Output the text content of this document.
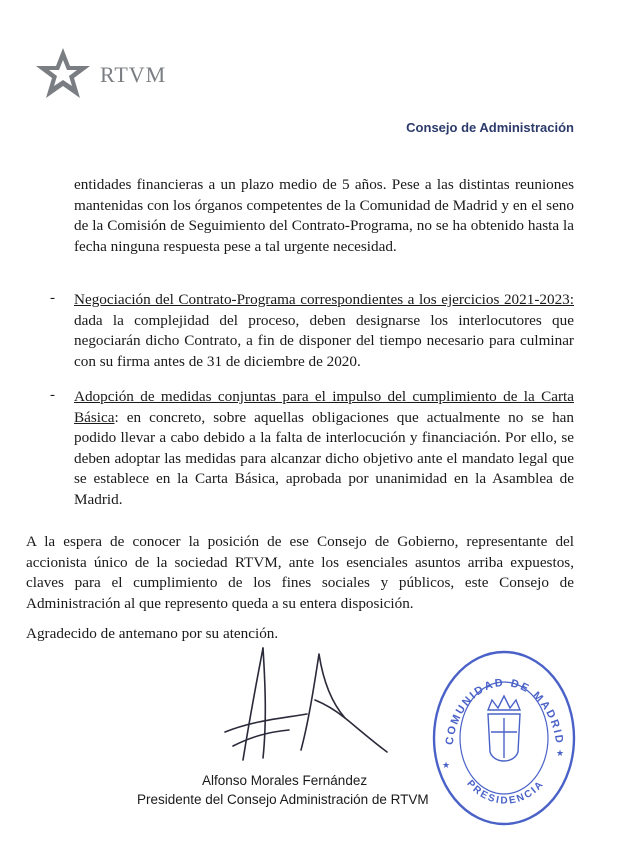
RTVM
Consejo de Administración

entidades financieras a un plazo medio de 5 años. Pese a las distintas reuniones mantenidas con los órganos competentes de la Comunidad de Madrid y en el seno de la Comisión de Seguimiento del Contrato-Programa, no se ha obtenido hasta la fecha ninguna respuesta pese a tal urgente necesidad.

- Negociación del Contrato-Programa correspondientes a los ejercicios 2021-2023: dada la complejidad del proceso, deben designarse los interlocutores que negociarán dicho Contrato, a fin de disponer del tiempo necesario para culminar con su firma antes de 31 de diciembre de 2020.

- Adopción de medidas conjuntas para el impulso del cumplimiento de la Carta Básica: en concreto, sobre aquellas obligaciones que actualmente no se han podido llevar a cabo debido a la falta de interlocución y financiación. Por ello, se deben adoptar las medidas para alcanzar dicho objetivo ante el mandato legal que se establece en la Carta Básica, aprobada por unanimidad en la Asamblea de Madrid.

A la espera de conocer la posición de ese Consejo de Gobierno, representante del accionista único de la sociedad RTVM, ante los esenciales asuntos arriba expuestos, claves para el cumplimiento de los fines sociales y públicos, este Consejo de Administración al que represento queda a su entera disposición.

Agradecido de antemano por su atención.

Alfonso Morales Fernández
Presidente del Consejo Administración de RTVM
COMUNIDAD DE MADRID
PRESIDENCIA
★
★
